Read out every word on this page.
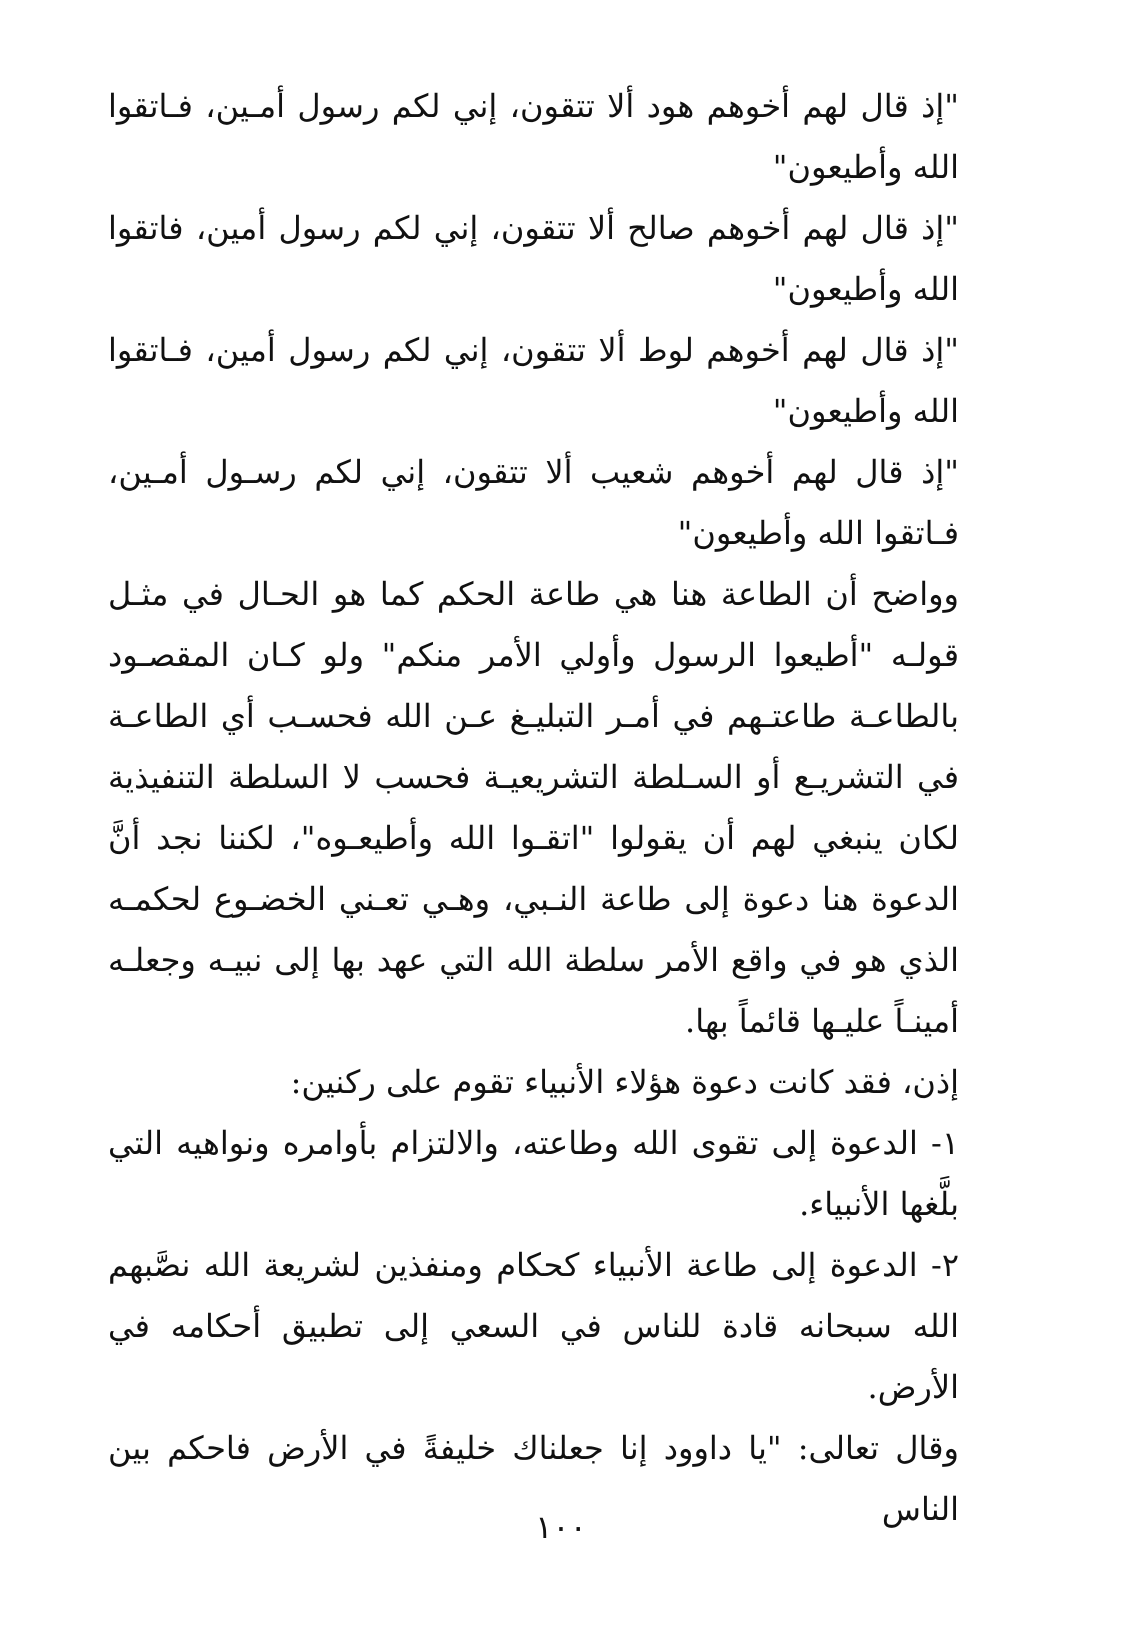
"إذ قال لهم أخوهم هود ألا تتقون، إني لكم رسول أمـين، فـاتقوا الله وأطيعون"

"إذ قال لهم أخوهم صالح ألا تتقون، إني لكم رسول أمين، فاتقوا الله وأطيعون"

"إذ قال لهم أخوهم لوط ألا تتقون، إني لكم رسول أمين، فـاتقوا الله وأطيعون"

"إذ قال لهم أخوهم شعيب ألا تتقون، إني لكم رسـول أمـين، فـاتقوا الله وأطيعون"

وواضح أن الطاعة هنا هي طاعة الحكم كما هو الحـال في مثـل قولـه "أطيعوا الرسول وأولي الأمر منكم" ولو كـان المقصـود بالطاعـة طاعتـهم في أمـر التبليـغ عـن الله فحسـب أي الطاعـة في التشريـع أو السـلطة التشريعيـة فحسب لا السلطة التنفيذية لكان ينبغي لهم أن يقولوا "اتقـوا الله وأطيعـوه"، لكننا نجد أنَّ الدعوة هنا دعوة إلى طاعة النـبي، وهـي تعـني الخضـوع لحكمـه الذي هو في واقع الأمر سلطة الله التي عهد بها إلى نبيـه وجعلـه أمينـاً عليـها قائماً بها.

إذن، فقد كانت دعوة هؤلاء الأنبياء تقوم على ركنين:

١- الدعوة إلى تقوى الله وطاعته، والالتزام بأوامره ونواهيه التي بلَّغها الأنبياء.

٢- الدعوة إلى طاعة الأنبياء كحكام ومنفذين لشريعة الله نصَّبهم الله سبحانه قادة للناس في السعي إلى تطبيق أحكامه في الأرض.

وقال تعالى: "يا داوود إنا جعلناك خليفةً في الأرض فاحكم بين الناس

١٠٠
